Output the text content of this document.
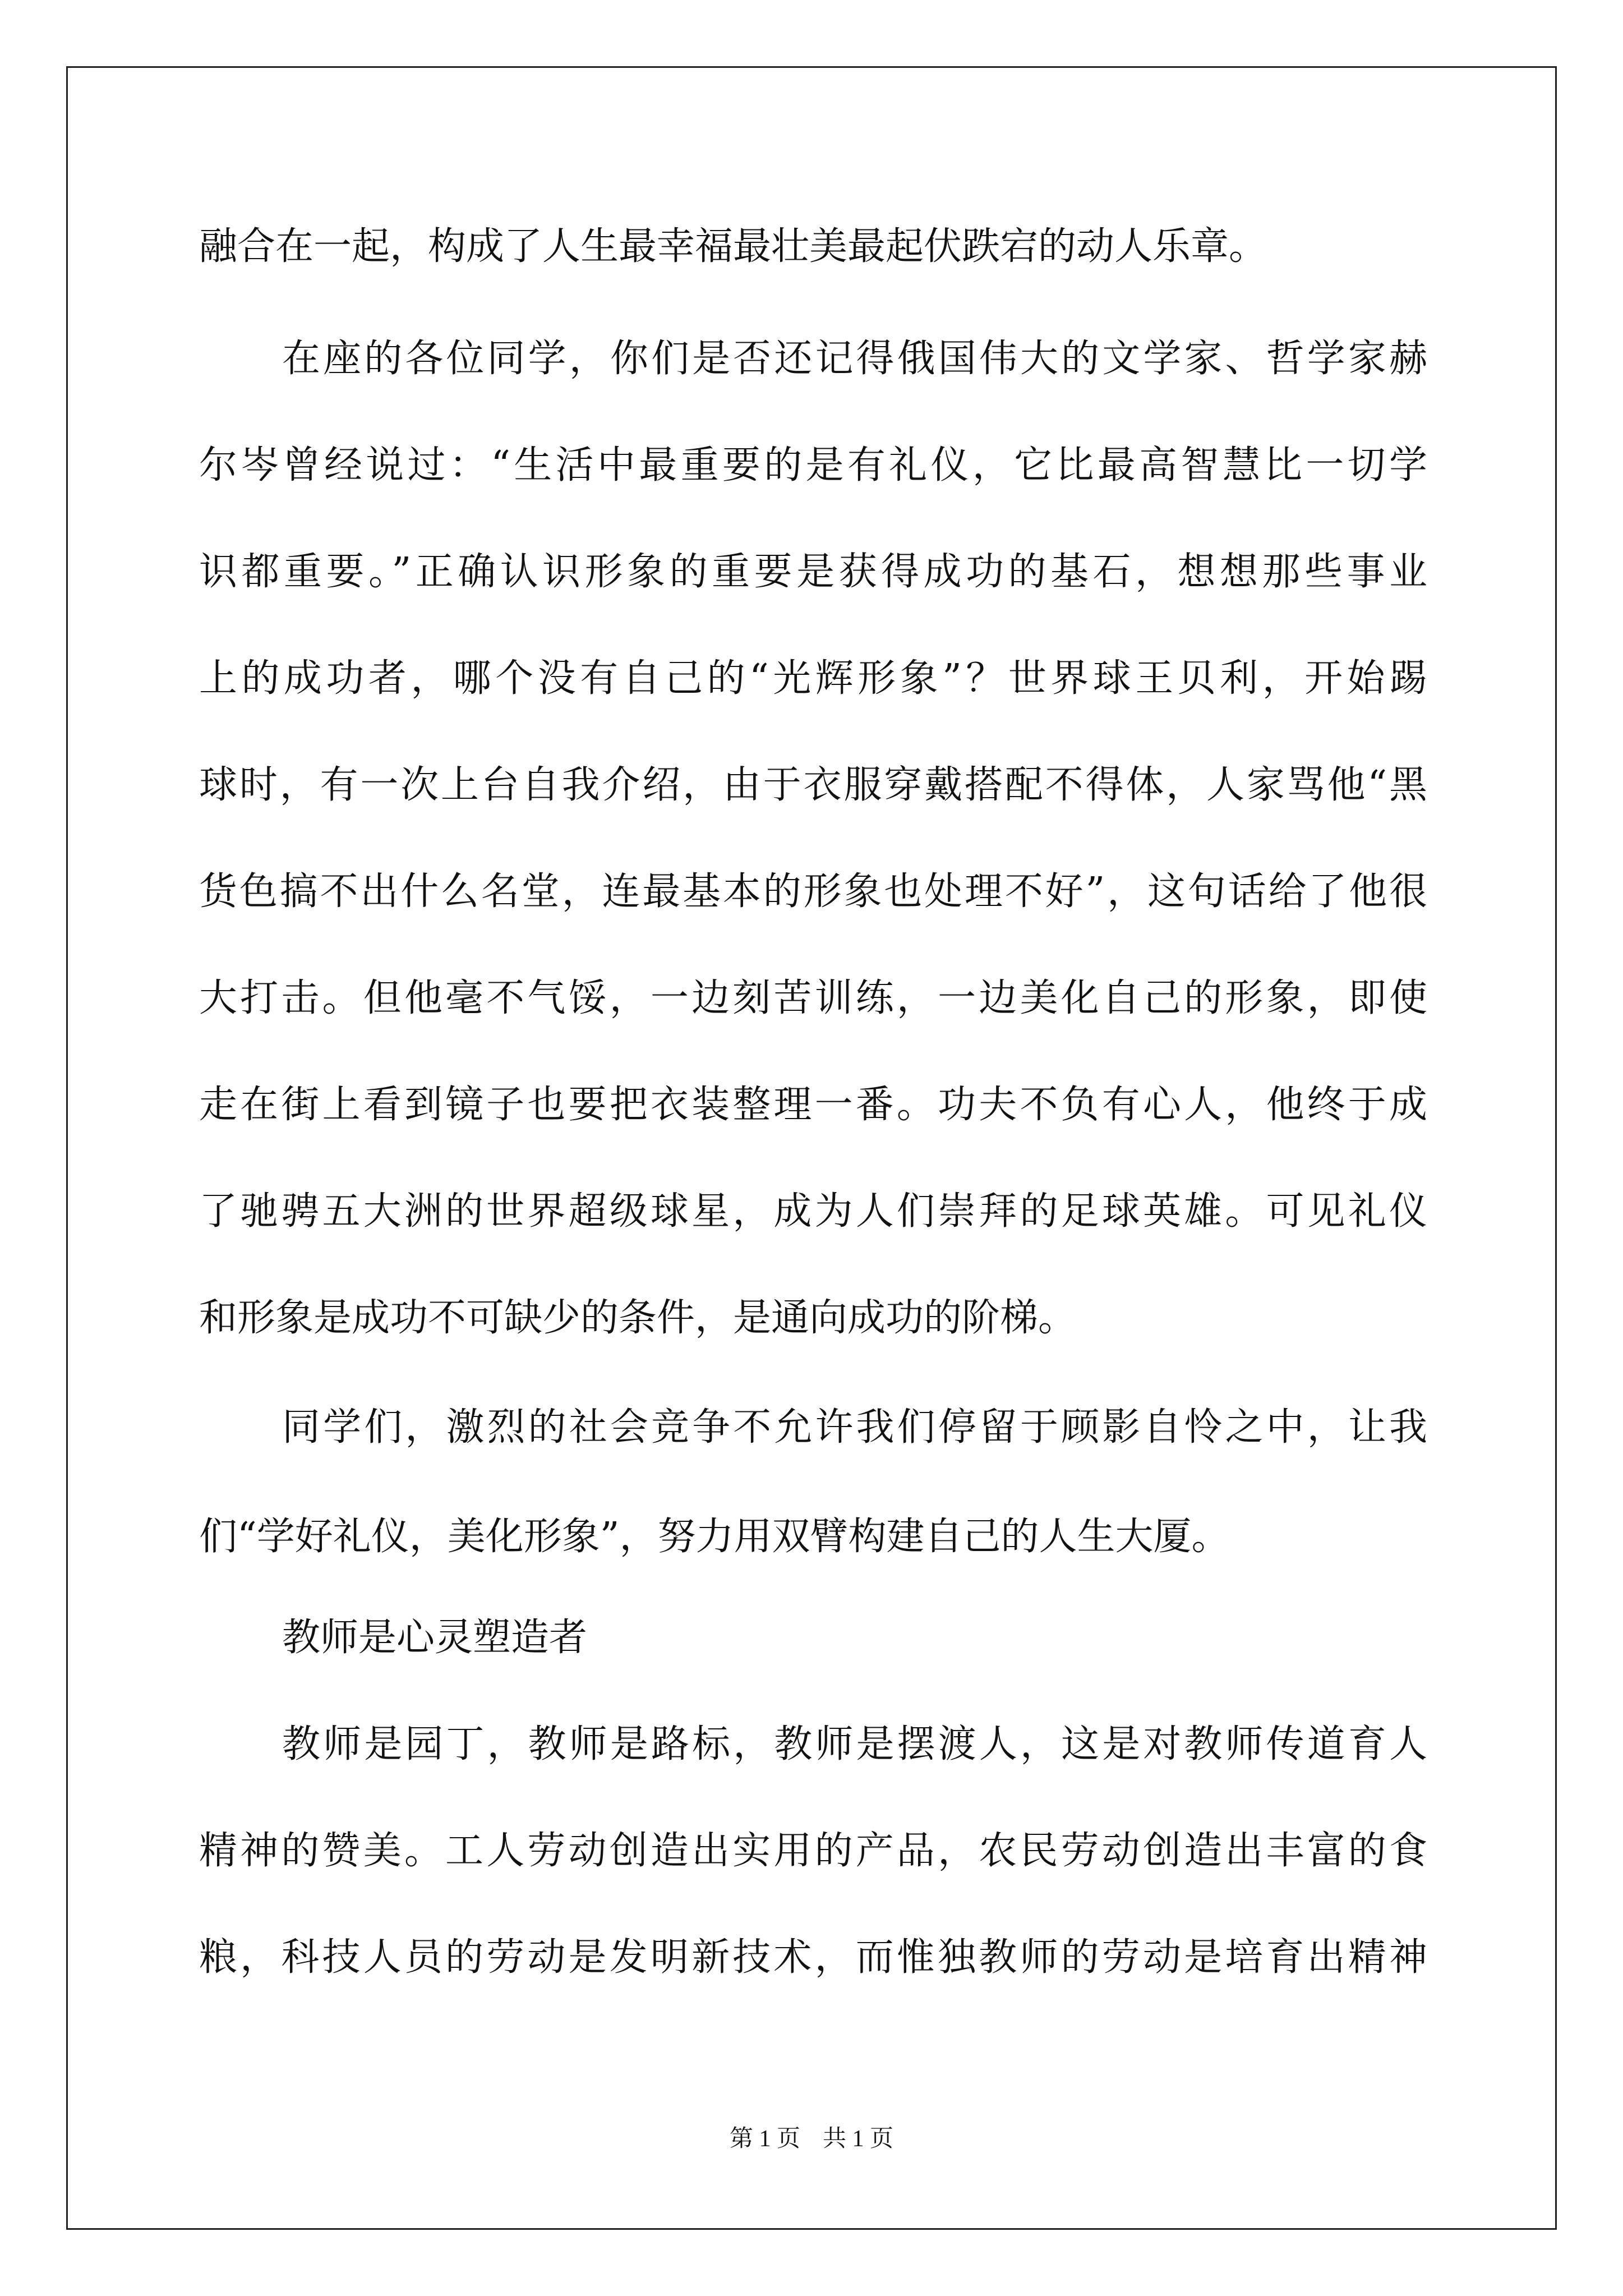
融合在一起，构成了人生最幸福最壮美最起伏跌宕的动人乐章。
在座的各位同学，你们是否还记得俄国伟大的文学家、哲学家赫
尔岑曾经说过：“生活中最重要的是有礼仪，它比最高智慧比一切学
识都重要。”正确认识形象的重要是获得成功的基石，想想那些事业
上的成功者，哪个没有自己的“光辉形象”？世界球王贝利，开始踢
球时，有一次上台自我介绍，由于衣服穿戴搭配不得体，人家骂他“黑
货色搞不出什么名堂，连最基本的形象也处理不好”，这句话给了他很
大打击。但他毫不气馁，一边刻苦训练，一边美化自己的形象，即使
走在街上看到镜子也要把衣装整理一番。功夫不负有心人，他终于成
了驰骋五大洲的世界超级球星，成为人们崇拜的足球英雄。可见礼仪
和形象是成功不可缺少的条件，是通向成功的阶梯。
同学们，激烈的社会竞争不允许我们停留于顾影自怜之中，让我
们“学好礼仪，美化形象”，努力用双臂构建自己的人生大厦。
教师是心灵塑造者
教师是园丁，教师是路标，教师是摆渡人，这是对教师传道育人
精神的赞美。工人劳动创造出实用的产品，农民劳动创造出丰富的食
粮，科技人员的劳动是发明新技术，而惟独教师的劳动是培育出精神
第 1 页 共 1 页
